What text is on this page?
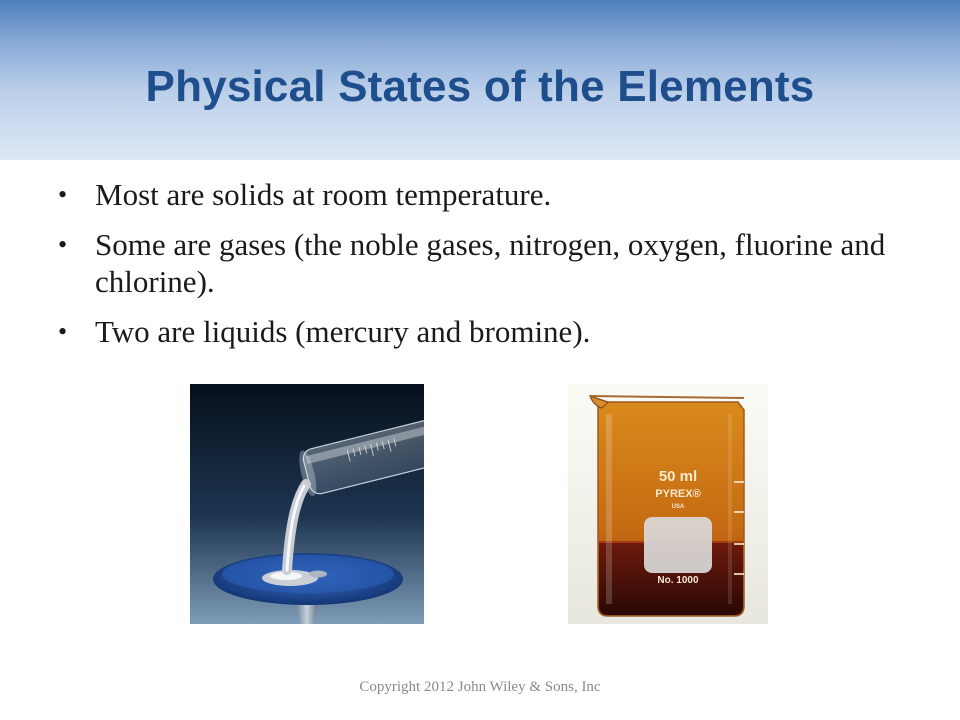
Physical States of the Elements
• Most are solids at room temperature.
• Some are gases (the noble gases, nitrogen, oxygen, fluorine and chlorine).
• Two are liquids (mercury and bromine).
50 ml
PYREX®
USA
No. 1000
Copyright 2012 John Wiley & Sons, Inc
